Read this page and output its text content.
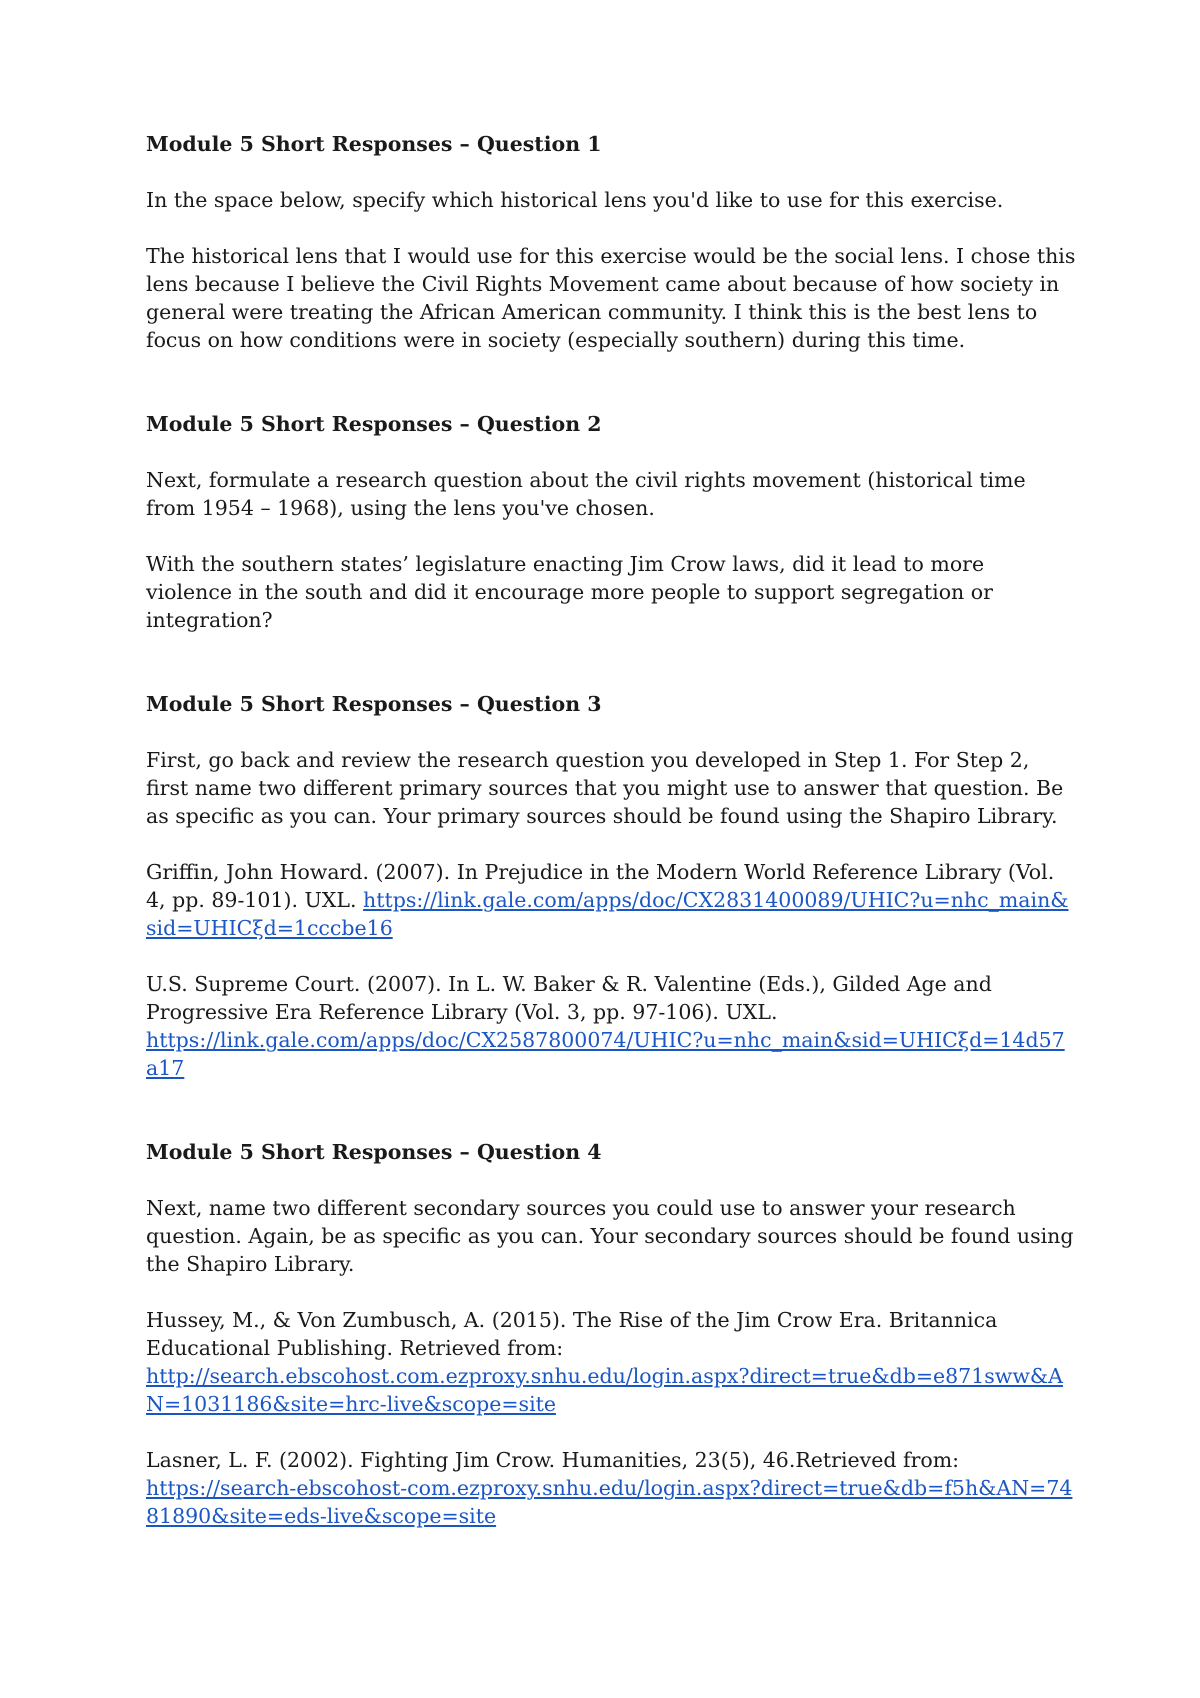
Module 5 Short Responses – Question 1
In the space below, specify which historical lens you'd like to use for this exercise.
The historical lens that I would use for this exercise would be the social lens. I chose this lens because I believe the Civil Rights Movement came about because of how society in general were treating the African American community. I think this is the best lens to focus on how conditions were in society (especially southern) during this time.
Module 5 Short Responses – Question 2
Next, formulate a research question about the civil rights movement (historical time from 1954 – 1968), using the lens you've chosen.
With the southern states’ legislature enacting Jim Crow laws, did it lead to more violence in the south and did it encourage more people to support segregation or integration?
Module 5 Short Responses – Question 3
First, go back and review the research question you developed in Step 1. For Step 2, first name two different primary sources that you might use to answer that question. Be as specific as you can. Your primary sources should be found using the Shapiro Library.
Griffin, John Howard. (2007). In Prejudice in the Modern World Reference Library (Vol. 4, pp. 89-101). UXL. https://link.gale.com/apps/doc/CX2831400089/UHIC?u=nhc_main&sid=UHICξd=1cccbe16
U.S. Supreme Court. (2007). In L. W. Baker & R. Valentine (Eds.), Gilded Age and Progressive Era Reference Library (Vol. 3, pp. 97-106). UXL.
https://link.gale.com/apps/doc/CX2587800074/UHIC?u=nhc_main&sid=UHICξd=14d57a17
Module 5 Short Responses – Question 4
Next, name two different secondary sources you could use to answer your research question. Again, be as specific as you can. Your secondary sources should be found using the Shapiro Library.
Hussey, M., & Von Zumbusch, A. (2015). The Rise of the Jim Crow Era. Britannica Educational Publishing. Retrieved from:
http://search.ebscohost.com.ezproxy.snhu.edu/login.aspx?direct=true&db=e871sww&AN=1031186&site=hrc-live&scope=site
Lasner, L. F. (2002). Fighting Jim Crow. Humanities, 23(5), 46.Retrieved from:
https://search-ebscohost-com.ezproxy.snhu.edu/login.aspx?direct=true&db=f5h&AN=7481890&site=eds-live&scope=site
